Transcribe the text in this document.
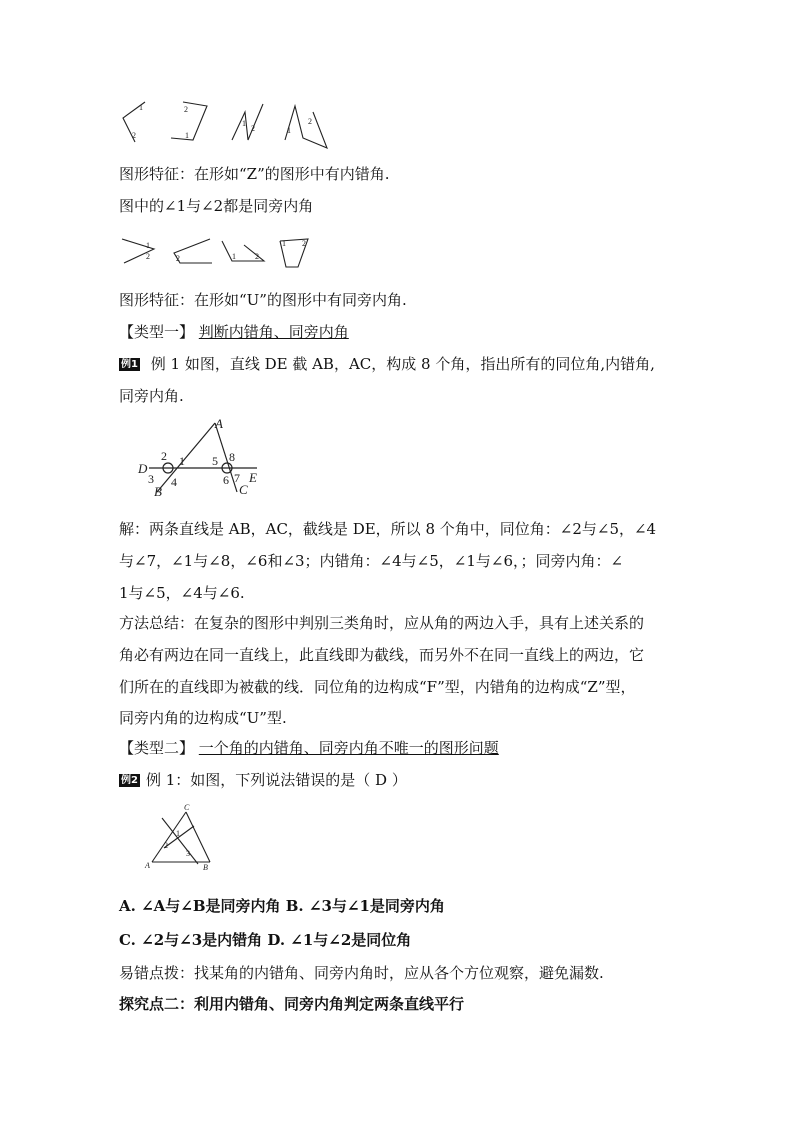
1
2
2
1
1
2	1
2
图形特征：在形如“Z”的图形中有内错角.
图中的∠1与∠2都是同旁内角
1
2	2	1 2
1 2
图形特征：在形如“U”的图形中有同旁内角.
【类型一】 判断内错角、同旁内角
例1 例 1 如图，直线 DE 截 AB，AC，构成 8 个角，指出所有的同位角,内错角,
同旁内角.
A
D
B	C
E
2 1
3 4
5 8
6 7
解：两条直线是 AB，AC，截线是 DE，所以 8 个角中，同位角：∠2与∠5，∠4
与∠7，∠1与∠8，∠6和∠3；内错角：∠4与∠5，∠1与∠6，；同旁内角：∠
1与∠5，∠4与∠6.
方法总结：在复杂的图形中判别三类角时，应从角的两边入手，具有上述关系的
角必有两边在同一直线上，此直线即为截线，而另外不在同一直线上的两边，它
们所在的直线即为被截的线．同位角的边构成“F”型，内错角的边构成“Z”型，
同旁内角的边构成“U”型.
【类型二】 一个角的内错角、同旁内角不唯一的图形问题
例2 例 1：如图，下列说法错误的是（ D ）
C
A	B
1
2
3
A. ∠A与∠B是同旁内角 B. ∠3与∠1是同旁内角
C. ∠2与∠3是内错角 D. ∠1与∠2是同位角
易错点拨：找某角的内错角、同旁内角时，应从各个方位观察，避免漏数.
探究点二：利用内错角、同旁内角判定两条直线平行
